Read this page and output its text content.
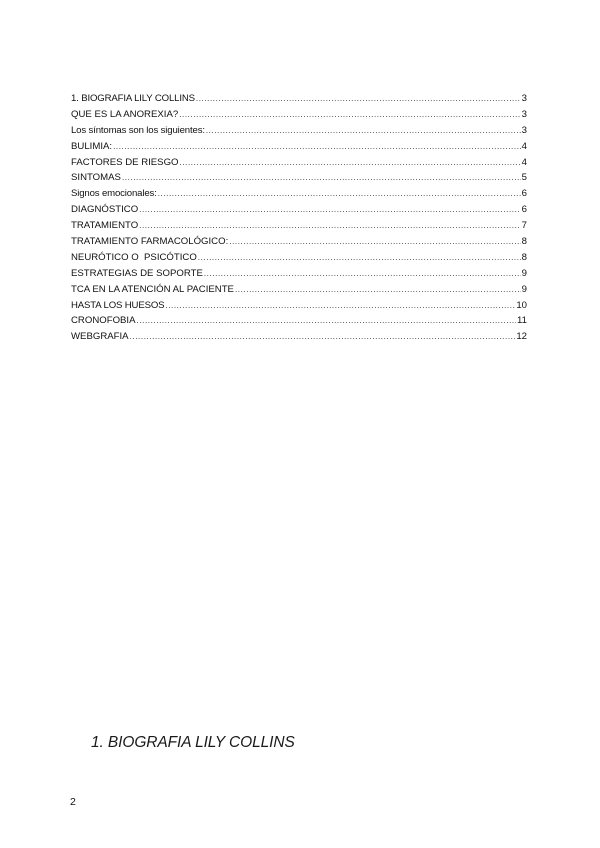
1. BIOGRAFIA LILY COLLINS .....	3
QUE ES LA ANOREXIA? .....	3
Los síntomas son los siguientes: .....	3
BULIMIA: .....	4
FACTORES DE RIESGO .....	4
SINTOMAS .....	5
Signos emocionales: .....	6
DIAGNÓSTICO .....	6
TRATAMIENTO .....	7
TRATAMIENTO FARMACOLÓGICO: .....	8
NEURÓTICO O  PSICÓTICO .....	8
ESTRATEGIAS DE SOPORTE .....	9
TCA EN LA ATENCIÓN AL PACIENTE .....	9
HASTA LOS HUESOS .....	10
CRONOFOBIA .....	11
WEBGRAFIA .....	12
1. BIOGRAFIA LILY COLLINS
2
